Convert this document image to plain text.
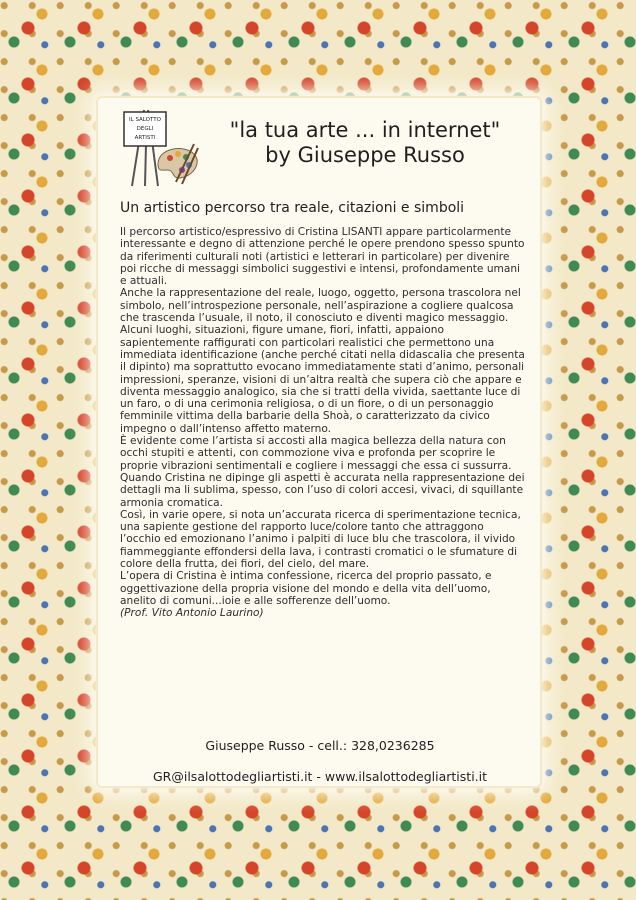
IL SALOTTO
DEGLI
ARTISTI	"la tua arte ... in internet"
by Giuseppe Russo
Un artistico percorso tra reale, citazioni e simboli

Il percorso artistico/espressivo di Cristina LISANTI appare particolarmente interessante e degno di attenzione perché le opere prendono spesso spunto da riferimenti culturali noti (artistici e letterari in particolare) per divenire poi ricche di messaggi simbolici suggestivi e intensi, profondamente umani e attuali.

Anche la rappresentazione del reale, luogo, oggetto, persona trascolora nel simbolo, nell’introspezione personale, nell’aspirazione a cogliere qualcosa che trascenda l’usuale, il noto, il conosciuto e diventi magico messaggio.

Alcuni luoghi, situazioni, figure umane, fiori, infatti, appaiono sapientemente raffigurati con particolari realistici che permettono una immediata identificazione (anche perché citati nella didascalia che presenta il dipinto) ma soprattutto evocano immediatamente stati d’animo, personali impressioni, speranze, visioni di un’altra realtà che supera ciò che appare e diventa messaggio analogico, sia che si tratti della vivida, saettante luce di un faro, o di una cerimonia religiosa, o di un fiore, o di un personaggio femminile vittima della barbarie della Shoà, o caratterizzato da civico impegno o dall’intenso affetto materno.

È evidente come l’artista si accosti alla magica bellezza della natura con occhi stupiti e attenti, con commozione viva e profonda per scoprire le proprie vibrazioni sentimentali e cogliere i messaggi che essa ci sussurra.

Quando Cristina ne dipinge gli aspetti è accurata nella rappresentazione dei dettagli ma li sublima, spesso, con l’uso di colori accesi, vivaci, di squillante armonia cromatica.

Così, in varie opere, si nota un’accurata ricerca di sperimentazione tecnica, una sapiente gestione del rapporto luce/colore tanto che attraggono l’occhio ed emozionano l’animo i palpiti di luce blu che trascolora, il vivido fiammeggiante effondersi della lava, i contrasti cromatici o le sfumature di colore della frutta, dei fiori, del cielo, del mare.

L’opera di Cristina è intima confessione, ricerca del proprio passato, e oggettivazione della propria visione del mondo e della vita dell’uomo, anelito di comuni...ioie e alle sofferenze dell’uomo.

(Prof. Vito Antonio Laurino)

Giuseppe Russo - cell.: 328,0236285
GR@ilsalottodegliartisti.it - www.ilsalottodegliartisti.it
